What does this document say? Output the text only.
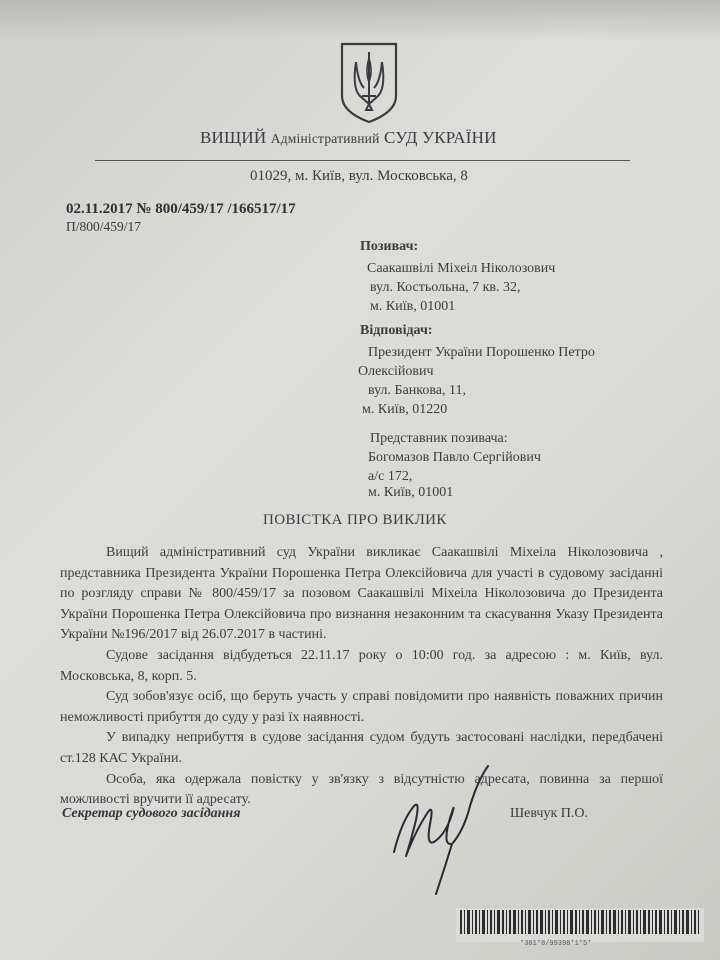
ВИЩИЙ Адміністративний СУД УКРАЇНИ
01029, м. Київ, вул. Московська, 8
02.11.2017 № 800/459/17 /166517/17
П/800/459/17
Позивач:
Саакашвілі Міхеіл Ніколозович
вул. Костьольна, 7 кв. 32,
м. Київ, 01001
Відповідач:
Президент України Порошенко Петро
Олексійович
вул. Банкова, 11,
м. Київ, 01220
Представник позивача:
Богомазов Павло Сергійович
а/с 172,
м. Київ, 01001
ПОВІСТКА ПРО ВИКЛИК

Вищий адміністративний суд України викликає Саакашвілі Міхеіла Ніколозовича , представника Президента України Порошенка Петра Олексійовича для участі в судовому засіданні по розгляду справи № 800/459/17 за позовом Саакашвілі Міхеіла Ніколозовича до Президента України Порошенка Петра Олексійовича про визнання незаконним та скасування Указу Президента України №196/2017 від 26.07.2017 в частині.

Судове засідання відбудеться 22.11.17 року о 10:00 год. за адресою : м. Київ, вул. Московська, 8, корп. 5.

Суд зобов'язує осіб, що беруть участь у справі повідомити про наявність поважних причин неможливості прибуття до суду у разі їх наявності.

У випадку неприбуття в судове засідання судом будуть застосовані наслідки, передбачені ст.128 КАС України.

Особа, яка одержала повістку у зв'язку з відсутністю адресата, повинна за першої можливості вручити її адресату.

Секретар судового засідання	Шевчук П.О.
*301*8/99398*1*5*
